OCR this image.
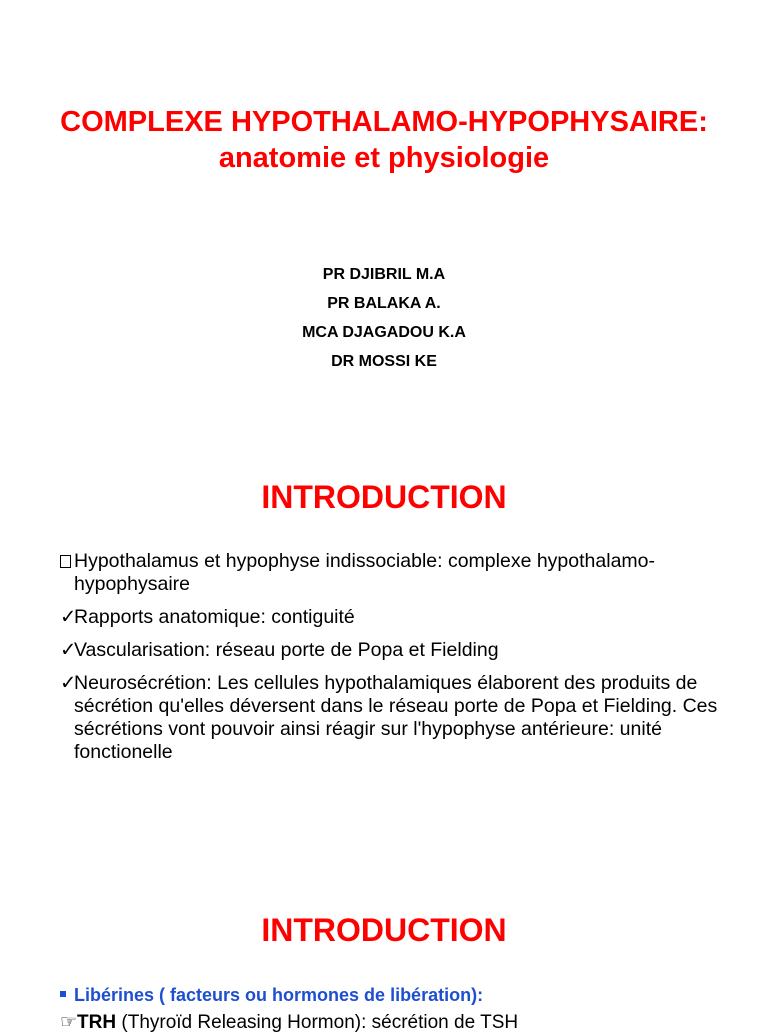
COMPLEXE HYPOTHALAMO-HYPOPHYSAIRE: anatomie et physiologie
PR DJIBRIL M.A
PR BALAKA A.
MCA DJAGADOU K.A
DR MOSSI KE
INTRODUCTION
Hypothalamus et hypophyse indissociable: complexe hypothalamo-hypophysaire
✓Rapports anatomique: contiguité
✓Vascularisation: réseau porte de Popa et Fielding
✓Neurosécrétion: Les cellules hypothalamiques élaborent des produits de sécrétion qu'elles déversent dans le réseau porte de Popa et Fielding. Ces sécrétions vont pouvoir ainsi réagir sur l'hypophyse antérieure: unité fonctionelle
INTRODUCTION

Libérines ( facteurs ou hormones de libération):

☞TRH (Thyroïd Releasing Hormon): sécrétion de TSH
